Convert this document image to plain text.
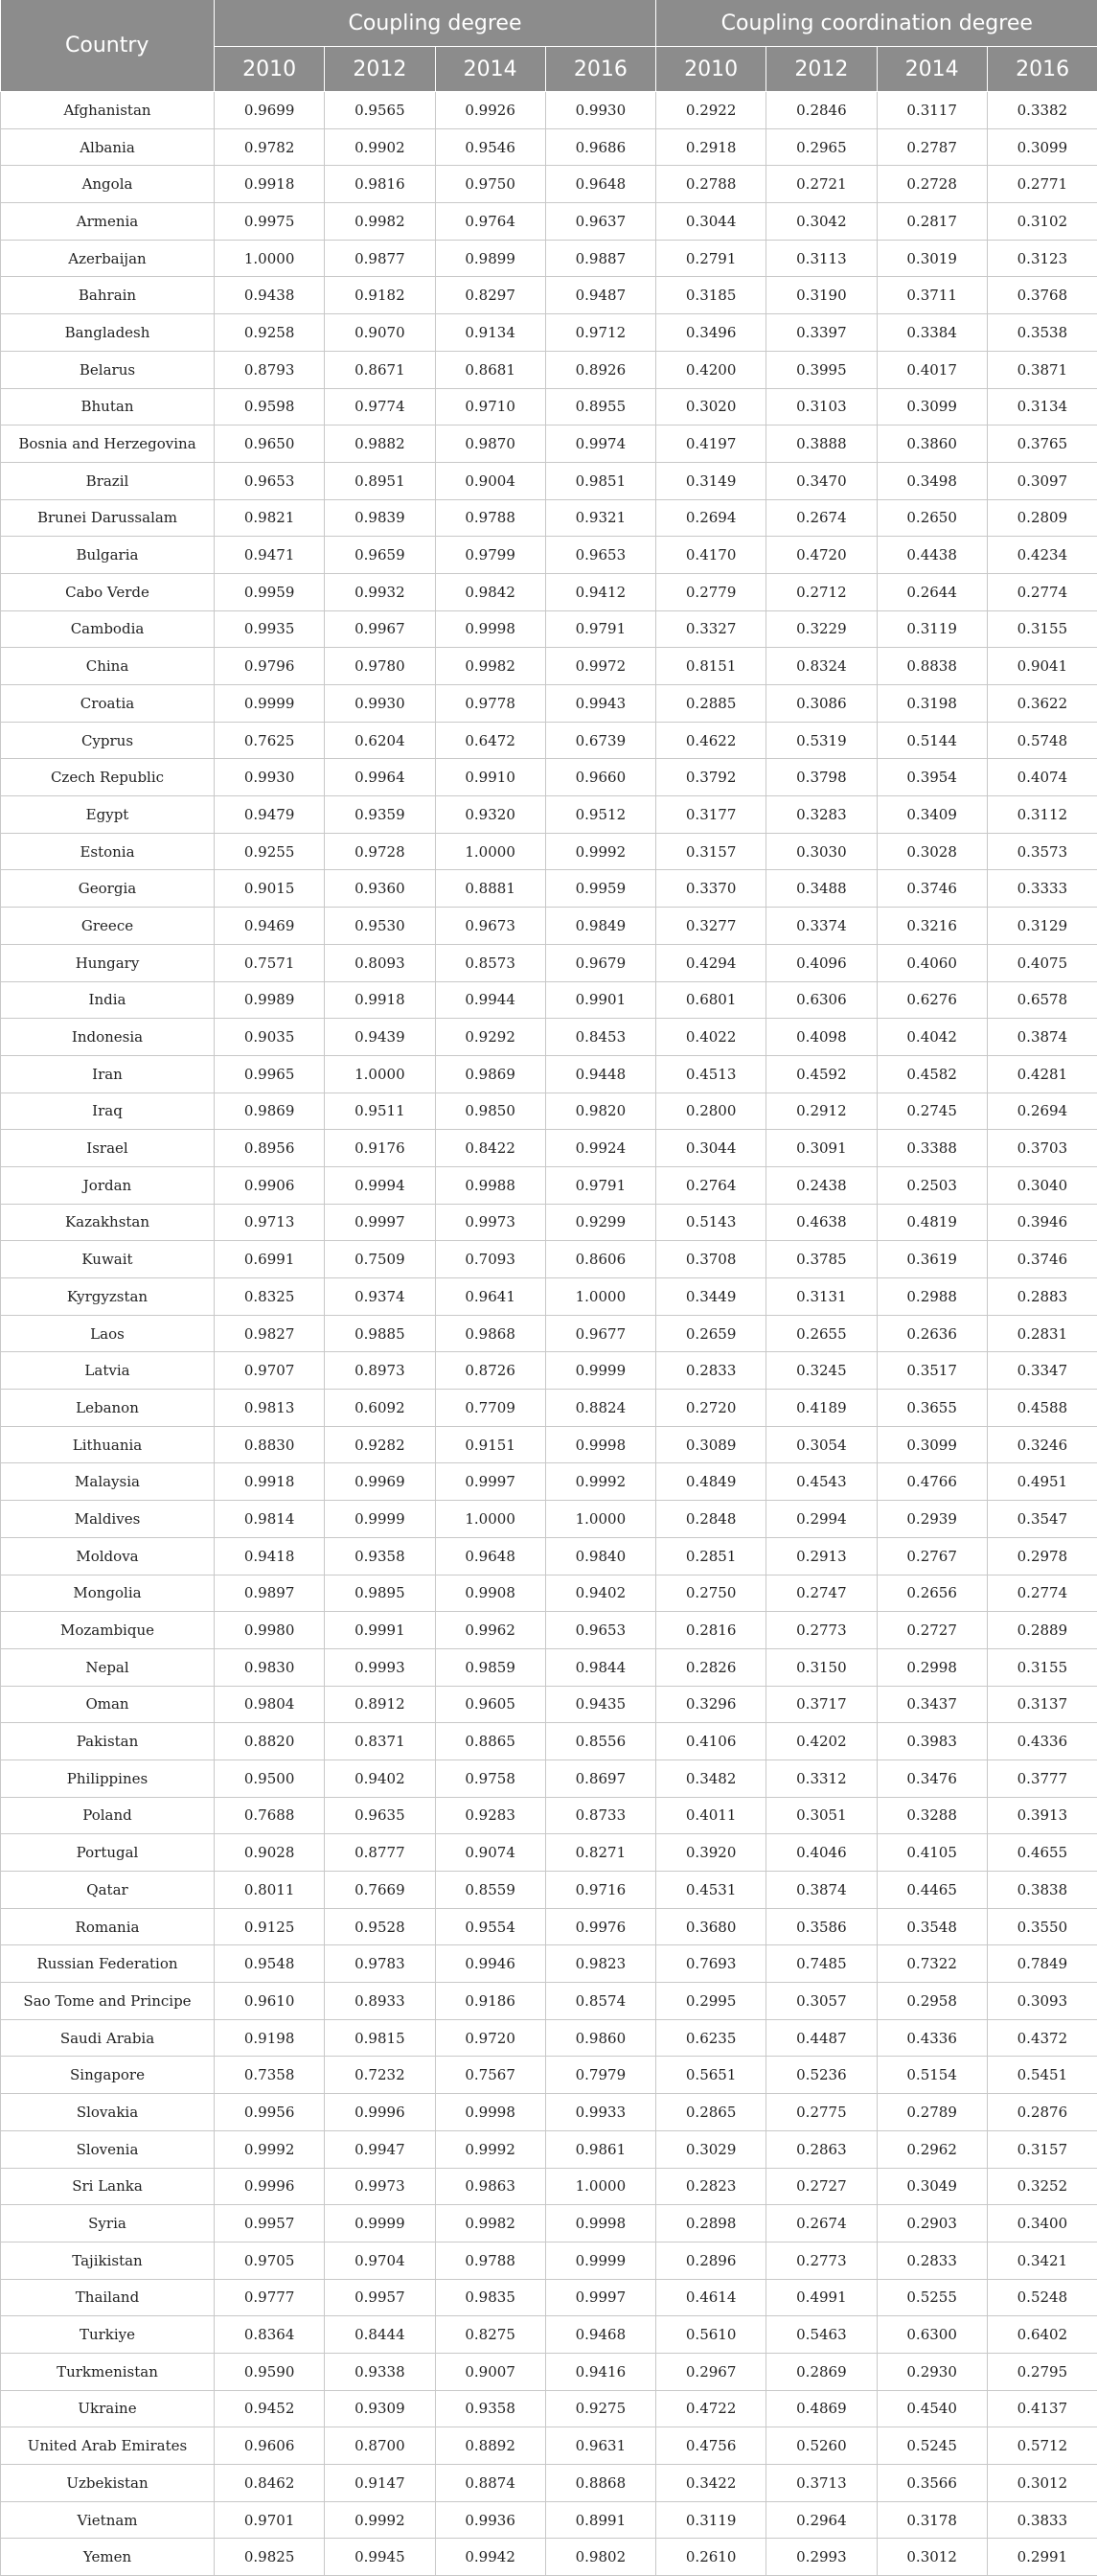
Country	Coupling degree				Coupling coordination degree			
	2010	2012	2014	2016	2010	2012	2014	2016
Afghanistan	0.9699	0.9565	0.9926	0.9930	0.2922	0.2846	0.3117	0.3382
Albania	0.9782	0.9902	0.9546	0.9686	0.2918	0.2965	0.2787	0.3099
Angola	0.9918	0.9816	0.9750	0.9648	0.2788	0.2721	0.2728	0.2771
Armenia	0.9975	0.9982	0.9764	0.9637	0.3044	0.3042	0.2817	0.3102
Azerbaijan	1.0000	0.9877	0.9899	0.9887	0.2791	0.3113	0.3019	0.3123
Bahrain	0.9438	0.9182	0.8297	0.9487	0.3185	0.3190	0.3711	0.3768
Bangladesh	0.9258	0.9070	0.9134	0.9712	0.3496	0.3397	0.3384	0.3538
Belarus	0.8793	0.8671	0.8681	0.8926	0.4200	0.3995	0.4017	0.3871
Bhutan	0.9598	0.9774	0.9710	0.8955	0.3020	0.3103	0.3099	0.3134
Bosnia and Herzegovina	0.9650	0.9882	0.9870	0.9974	0.4197	0.3888	0.3860	0.3765
Brazil	0.9653	0.8951	0.9004	0.9851	0.3149	0.3470	0.3498	0.3097
Brunei Darussalam	0.9821	0.9839	0.9788	0.9321	0.2694	0.2674	0.2650	0.2809
Bulgaria	0.9471	0.9659	0.9799	0.9653	0.4170	0.4720	0.4438	0.4234
Cabo Verde	0.9959	0.9932	0.9842	0.9412	0.2779	0.2712	0.2644	0.2774
Cambodia	0.9935	0.9967	0.9998	0.9791	0.3327	0.3229	0.3119	0.3155
China	0.9796	0.9780	0.9982	0.9972	0.8151	0.8324	0.8838	0.9041
Croatia	0.9999	0.9930	0.9778	0.9943	0.2885	0.3086	0.3198	0.3622
Cyprus	0.7625	0.6204	0.6472	0.6739	0.4622	0.5319	0.5144	0.5748
Czech Republic	0.9930	0.9964	0.9910	0.9660	0.3792	0.3798	0.3954	0.4074
Egypt	0.9479	0.9359	0.9320	0.9512	0.3177	0.3283	0.3409	0.3112
Estonia	0.9255	0.9728	1.0000	0.9992	0.3157	0.3030	0.3028	0.3573
Georgia	0.9015	0.9360	0.8881	0.9959	0.3370	0.3488	0.3746	0.3333
Greece	0.9469	0.9530	0.9673	0.9849	0.3277	0.3374	0.3216	0.3129
Hungary	0.7571	0.8093	0.8573	0.9679	0.4294	0.4096	0.4060	0.4075
India	0.9989	0.9918	0.9944	0.9901	0.6801	0.6306	0.6276	0.6578
Indonesia	0.9035	0.9439	0.9292	0.8453	0.4022	0.4098	0.4042	0.3874
Iran	0.9965	1.0000	0.9869	0.9448	0.4513	0.4592	0.4582	0.4281
Iraq	0.9869	0.9511	0.9850	0.9820	0.2800	0.2912	0.2745	0.2694
Israel	0.8956	0.9176	0.8422	0.9924	0.3044	0.3091	0.3388	0.3703
Jordan	0.9906	0.9994	0.9988	0.9791	0.2764	0.2438	0.2503	0.3040
Kazakhstan	0.9713	0.9997	0.9973	0.9299	0.5143	0.4638	0.4819	0.3946
Kuwait	0.6991	0.7509	0.7093	0.8606	0.3708	0.3785	0.3619	0.3746
Kyrgyzstan	0.8325	0.9374	0.9641	1.0000	0.3449	0.3131	0.2988	0.2883
Laos	0.9827	0.9885	0.9868	0.9677	0.2659	0.2655	0.2636	0.2831
Latvia	0.9707	0.8973	0.8726	0.9999	0.2833	0.3245	0.3517	0.3347
Lebanon	0.9813	0.6092	0.7709	0.8824	0.2720	0.4189	0.3655	0.4588
Lithuania	0.8830	0.9282	0.9151	0.9998	0.3089	0.3054	0.3099	0.3246
Malaysia	0.9918	0.9969	0.9997	0.9992	0.4849	0.4543	0.4766	0.4951
Maldives	0.9814	0.9999	1.0000	1.0000	0.2848	0.2994	0.2939	0.3547
Moldova	0.9418	0.9358	0.9648	0.9840	0.2851	0.2913	0.2767	0.2978
Mongolia	0.9897	0.9895	0.9908	0.9402	0.2750	0.2747	0.2656	0.2774
Mozambique	0.9980	0.9991	0.9962	0.9653	0.2816	0.2773	0.2727	0.2889
Nepal	0.9830	0.9993	0.9859	0.9844	0.2826	0.3150	0.2998	0.3155
Oman	0.9804	0.8912	0.9605	0.9435	0.3296	0.3717	0.3437	0.3137
Pakistan	0.8820	0.8371	0.8865	0.8556	0.4106	0.4202	0.3983	0.4336
Philippines	0.9500	0.9402	0.9758	0.8697	0.3482	0.3312	0.3476	0.3777
Poland	0.7688	0.9635	0.9283	0.8733	0.4011	0.3051	0.3288	0.3913
Portugal	0.9028	0.8777	0.9074	0.8271	0.3920	0.4046	0.4105	0.4655
Qatar	0.8011	0.7669	0.8559	0.9716	0.4531	0.3874	0.4465	0.3838
Romania	0.9125	0.9528	0.9554	0.9976	0.3680	0.3586	0.3548	0.3550
Russian Federation	0.9548	0.9783	0.9946	0.9823	0.7693	0.7485	0.7322	0.7849
Sao Tome and Principe	0.9610	0.8933	0.9186	0.8574	0.2995	0.3057	0.2958	0.3093
Saudi Arabia	0.9198	0.9815	0.9720	0.9860	0.6235	0.4487	0.4336	0.4372
Singapore	0.7358	0.7232	0.7567	0.7979	0.5651	0.5236	0.5154	0.5451
Slovakia	0.9956	0.9996	0.9998	0.9933	0.2865	0.2775	0.2789	0.2876
Slovenia	0.9992	0.9947	0.9992	0.9861	0.3029	0.2863	0.2962	0.3157
Sri Lanka	0.9996	0.9973	0.9863	1.0000	0.2823	0.2727	0.3049	0.3252
Syria	0.9957	0.9999	0.9982	0.9998	0.2898	0.2674	0.2903	0.3400
Tajikistan	0.9705	0.9704	0.9788	0.9999	0.2896	0.2773	0.2833	0.3421
Thailand	0.9777	0.9957	0.9835	0.9997	0.4614	0.4991	0.5255	0.5248
Turkiye	0.8364	0.8444	0.8275	0.9468	0.5610	0.5463	0.6300	0.6402
Turkmenistan	0.9590	0.9338	0.9007	0.9416	0.2967	0.2869	0.2930	0.2795
Ukraine	0.9452	0.9309	0.9358	0.9275	0.4722	0.4869	0.4540	0.4137
United Arab Emirates	0.9606	0.8700	0.8892	0.9631	0.4756	0.5260	0.5245	0.5712
Uzbekistan	0.8462	0.9147	0.8874	0.8868	0.3422	0.3713	0.3566	0.3012
Vietnam	0.9701	0.9992	0.9936	0.8991	0.3119	0.2964	0.3178	0.3833
Yemen	0.9825	0.9945	0.9942	0.9802	0.2610	0.2993	0.3012	0.2991
